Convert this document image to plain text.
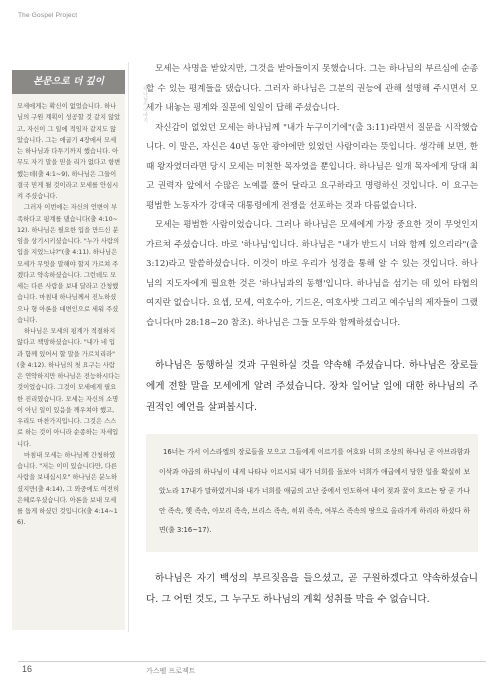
The Gospel Project
본문으로 더 깊이

모세에게는 확신이 없었습니다. 하나님의 구원 계획이 성공할 것 같지 않았고, 자신이 그 일에 적임자 같지도 않았습니다. 그는 애굽기 4장에서 모세는 하나님과 다투기까지 했습니다. 아무도 자기 말을 믿을 리가 없다고 항변했는데(출 4:1~9), 하나님은 그들이 결국 믿게 될 것이라고 모세를 안심시켜 주셨습니다.

그러자 이번에는 자신의 언변이 부족하다고 핑계를 댔습니다(출 4:10~12). 하나님은 필요한 입을 만드신 분임을 상기시키셨습니다. "누가 사람의 입을 지었느냐?"(출 4:11). 하나님은 모세가 무엇을 말해야 할지 가르쳐 주겠다고 약속하셨습니다. 그런데도 모세는 다른 사람을 보내 달라고 간청했습니다. 마침내 하나님께서 진노하셨으나 형 아론을 대변인으로 세워 주셨습니다.

하나님은 모세의 핑계가 적절하지 않다고 책망하셨습니다. "내가 네 입과 함께 있어서 할 말을 가르치리라"(출 4:12). 하나님의 첫 요구는 사람은 연약하지만 하나님은 전능하시다는 것이었습니다. 그것이 모세에게 필요한 진리였습니다. 모세는 자신의 소명이 아닌 일이 있음을 깨우쳐야 했고, 우리도 마찬가지입니다. 그것은 스스로 하는 것이 아니라 순종하는 자세입니다.

마침내 모세는 하나님께 간청하였습니다. "저는 이미 있습니다만, 다른 사람을 보내십시오" 하나님은 분노하셨지만(출 4:14), 그 와중에도 여전히 은혜로우셨습니다. 아론을 보내 모세를 돕게 하셨던 것입니다(출 4:14~16).

하나님의 이야기

모세는 사명을 받았지만, 그것을 받아들이지 못했습니다. 그는 하나님의 부르심에 순종할 수 있는 평계들을 댔습니다. 그러자 하나님은 그분의 권능에 관해 설명해 주시면서 모세가 내놓는 핑계와 질문에 일일이 답해 주셨습니다.

자신감이 없었던 모세는 하나님께 "내가 누구이기에"(출 3:11)라면서 질문을 시작했습니다. 이 말은, 자신은 40년 동안 광야에만 있었던 사람이라는 뜻입니다. 생각해 보면, 한때 왕자였더라면 당시 모세는 미천한 목자였을 뿐입니다. 하나님은 일개 목자에게 당대 최고 권력자 앞에서 수많은 노예를 풀어 달라고 요구하라고 명령하신 것입니다. 이 요구는 평범한 노동자가 강대국 대통령에게 전쟁을 선포하는 것과 다름없습니다.

모세는 평범한 사람이었습니다. 그러나 하나님은 모세에게 가장 중요한 것이 무엇인지 가르쳐 주셨습니다. 바로 '하나님'입니다. 하나님은 "내가 반드시 너와 함께 있으리라"(출 3:12)라고 말씀하셨습니다. 이것이 바로 우리가 성경을 통해 알 수 있는 것입니다. 하나님의 지도자에게 필요한 것은 '하나님과의 동행'입니다. 하나님을 섬기는 데 있어 타협의 여지란 없습니다. 요셉, 모세, 여호수아, 기드온, 여호사밧 그리고 예수님의 제자들이 그랬습니다(마 28:18~20 참조). 하나님은 그들 모두와 함께하셨습니다.

하나님은 동행하실 것과 구원하실 것을 약속해 주셨습니다. 하나님은 장로들에게 전할 말을 모세에게 알려 주셨습니다. 장차 일어날 일에 대한 하나님의 주권적인 예언을 살펴봅시다.

16너는 가서 이스라엘의 장로들을 모으고 그들에게 이르기를 여호와 너희 조상의 하나님 곧 아브라함과 이삭과 야곱의 하나님이 내게 나타나 이르시되 내가 너희를 돌보아 너희가 애굽에서 당한 일을 확실히 보았노라 17내가 말하였거니와 내가 너희를 애굽의 고난 중에서 인도하여 내어 젖과 꿀이 흐르는 땅 곧 가나안 족속, 헷 족속, 아모리 족속, 브리스 족속, 히위 족속, 여부스 족속의 땅으로 올라가게 하리라 하셨다 하면(출 3:16~17).

하나님은 자기 백성의 부르짖음을 들으셨고, 곧 구원하겠다고 약속하셨습니다. 그 어떤 것도, 그 누구도 하나님의 계획 성취를 막을 수 없습니다.

16	가스펠 프로젝트
